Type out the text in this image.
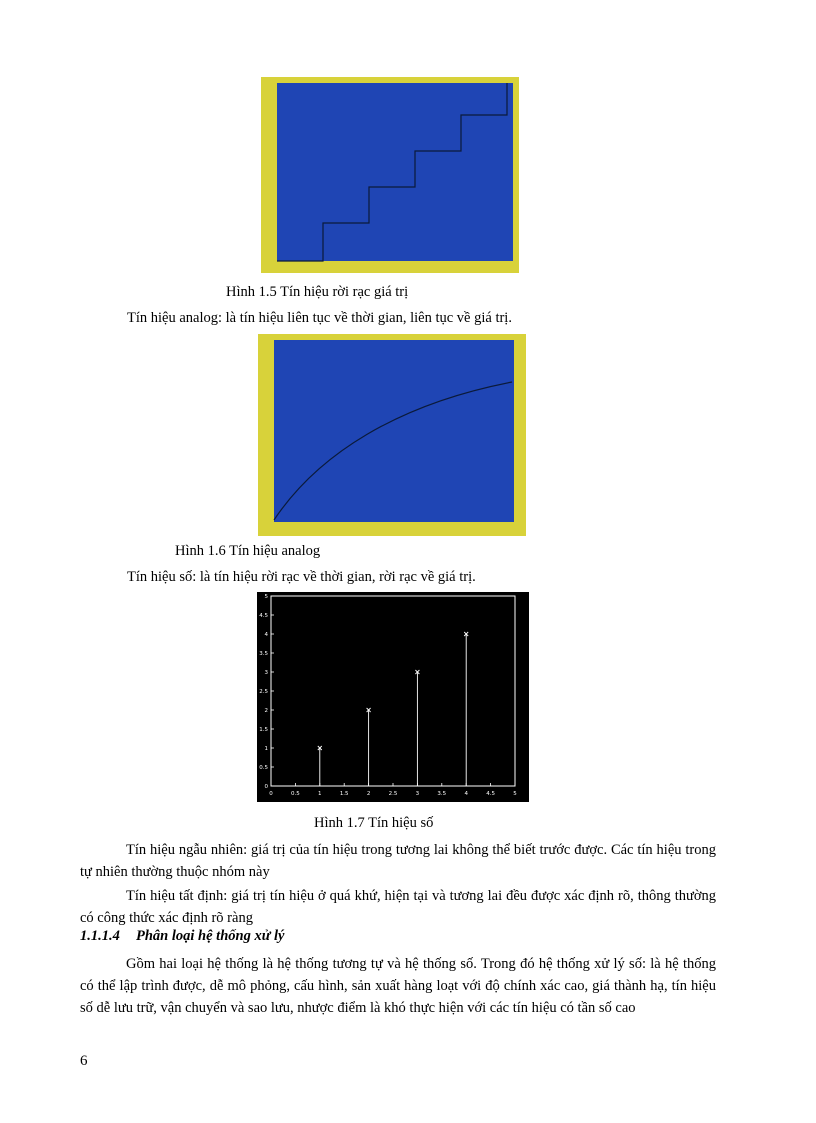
Hình 1.5 Tín hiệu rời rạc giá trị
Tín hiệu analog: là tín hiệu liên tục về thời gian, liên tục về giá trị.
Hình 1.6 Tín hiệu analog
Tín hiệu số: là tín hiệu rời rạc về thời gian, rời rạc về giá trị.
0	0.5	1	1.5	2	2.5	3	3.5	4	4.5	5
0
0.5
1
1.5
2
2.5
3
3.5
4
4.5
5
Hình 1.7 Tín hiệu số

Tín hiệu ngẫu nhiên: giá trị của tín hiệu trong tương lai không thể biết trước được. Các tín hiệu trong tự nhiên thường thuộc nhóm này

Tín hiệu tất định: giá trị tín hiệu ở quá khứ, hiện tại và tương lai đều được xác định rõ, thông thường có công thức xác định rõ ràng

1.1.1.4 Phân loại hệ thống xử lý

Gồm hai loại hệ thống là hệ thống tương tự và hệ thống số. Trong đó hệ thống xử lý số: là hệ thống có thể lập trình được, dễ mô phỏng, cấu hình, sản xuất hàng loạt với độ chính xác cao, giá thành hạ, tín hiệu số dễ lưu trữ, vận chuyển và sao lưu, nhược điểm là khó thực hiện với các tín hiệu có tần số cao

6
